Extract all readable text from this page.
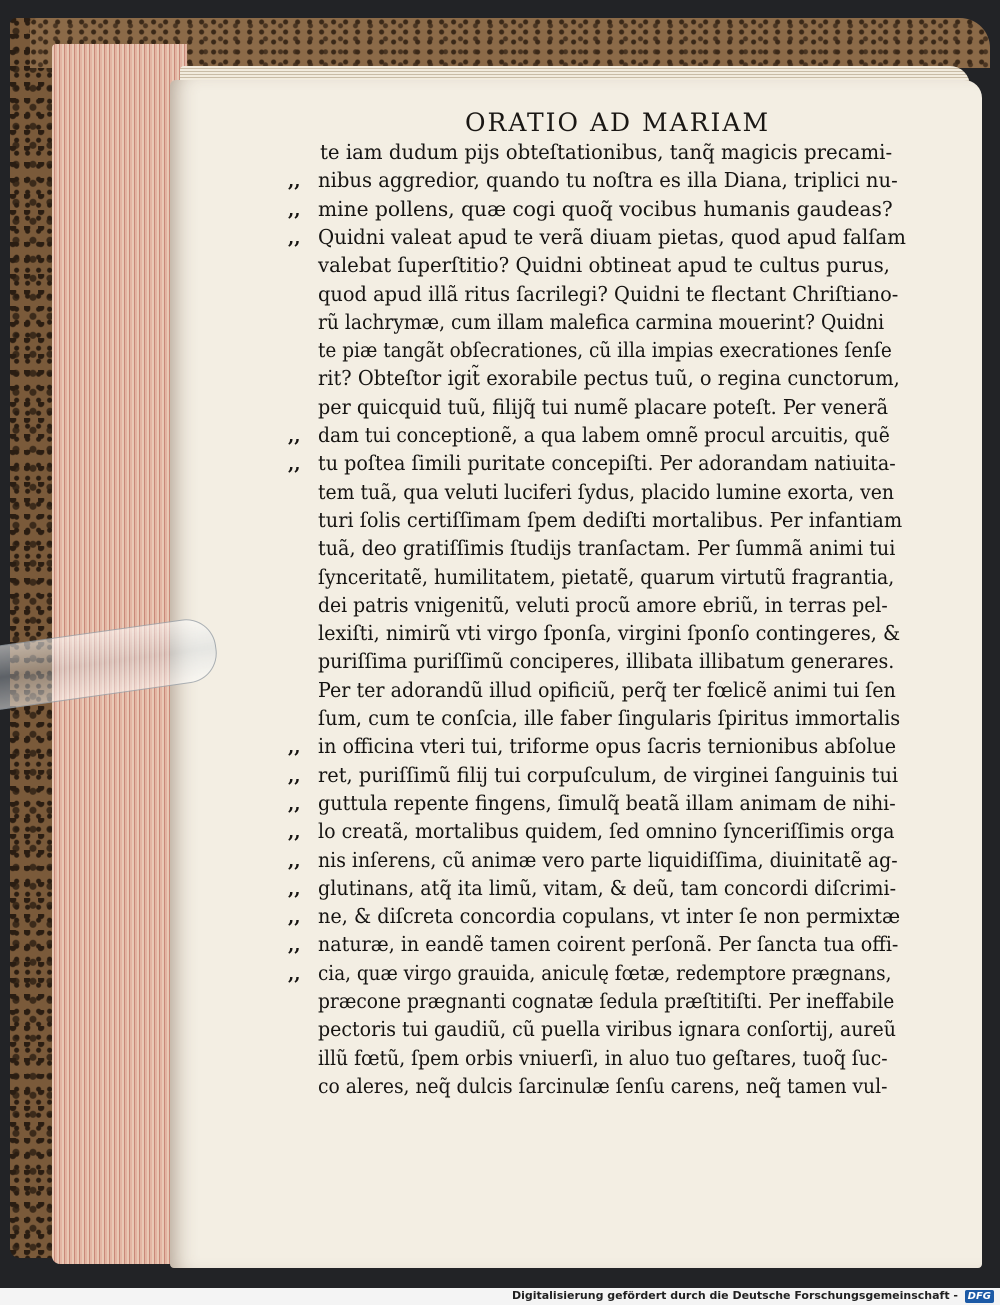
ORATIO AD MARIAM
te iam dudum pijs obteſtationibus, tanq̃ magicis precami-
nibus aggredior, quando tu noſtra es illa Diana, triplici nu-
,,
mine pollens, quæ cogi quoq̃ vocibus humanis gaudeas?
,,
Quidni valeat apud te verã diuam pietas, quod apud falſam
,,
valebat ſuperſtitio? Quidni obtineat apud te cultus purus,
quod apud illã ritus ſacrilegi? Quidni te flectant Chriſtiano-
rũ lachrymæ, cum illam malefica carmina mouerint? Quidni
te piæ tangãt obſecrationes, cũ illa impias execrationes ſenſe
rit? Obteſtor igit̃ exorabile pectus tuũ, o regina cunctorum,
per quicquid tuũ, filijq̃ tui numẽ placare poteſt. Per venerã
dam tui conceptionẽ, a qua labem omnẽ procul arcuitis, quẽ
,,
tu poſtea ſimili puritate concepiſti. Per adorandam natiuita-
,,
tem tuã, qua veluti luciferi ſydus, placido lumine exorta, ven
turi ſolis certiſſimam ſpem dediſti mortalibus. Per infantiam
tuã, deo gratiſſimis ſtudijs tranſactam. Per ſummã animi tui
ſynceritatẽ, humilitatem, pietatẽ, quarum virtutũ fragrantia,
dei patris vnigenitũ, veluti procũ amore ebriũ, in terras pel-
lexiſti, nimirũ vti virgo ſponſa, virgini ſponſo contingeres, &
puriſſima puriſſimũ conciperes, illibata illibatum generares.
Per ter adorandũ illud opificiũ, perq̃ ter fœlicẽ animi tui ſen
ſum, cum te conſcia, ille faber ſingularis ſpiritus immortalis
in officina vteri tui, triforme opus ſacris ternionibus abſolue
,,
ret, puriſſimũ filij tui corpuſculum, de virginei ſanguinis tui
,,
guttula repente fingens, ſimulq̃ beatã illam animam de nihi-
,,
lo creatã, mortalibus quidem, ſed omnino ſynceriſſimis orga
,,
nis inſerens, cũ animæ vero parte liquidiſſima, diuinitatẽ ag-
,,
glutinans, atq̃ ita limũ, vitam, & deũ, tam concordi diſcrimi-
,,
ne, & diſcreta concordia copulans, vt inter ſe non permixtæ
,,
naturæ, in eandẽ tamen coirent perſonã. Per ſancta tua offi-
,,
cia, quæ virgo grauida, aniculę fœtæ, redemptore prægnans,
,,
præcone prægnanti cognatæ ſedula præſtitiſti. Per ineffabile
pectoris tui gaudiũ, cũ puella viribus ignara conſortij, aureũ
illũ fœtũ, ſpem orbis vniuerſi, in aluo tuo geſtares, tuoq̃ ſuc-
co aleres, neq̃ dulcis ſarcinulæ ſenſu carens, neq̃ tamen vul-
Digitalisierung gefördert durch die Deutsche Forschungsgemeinschaft - DFG
